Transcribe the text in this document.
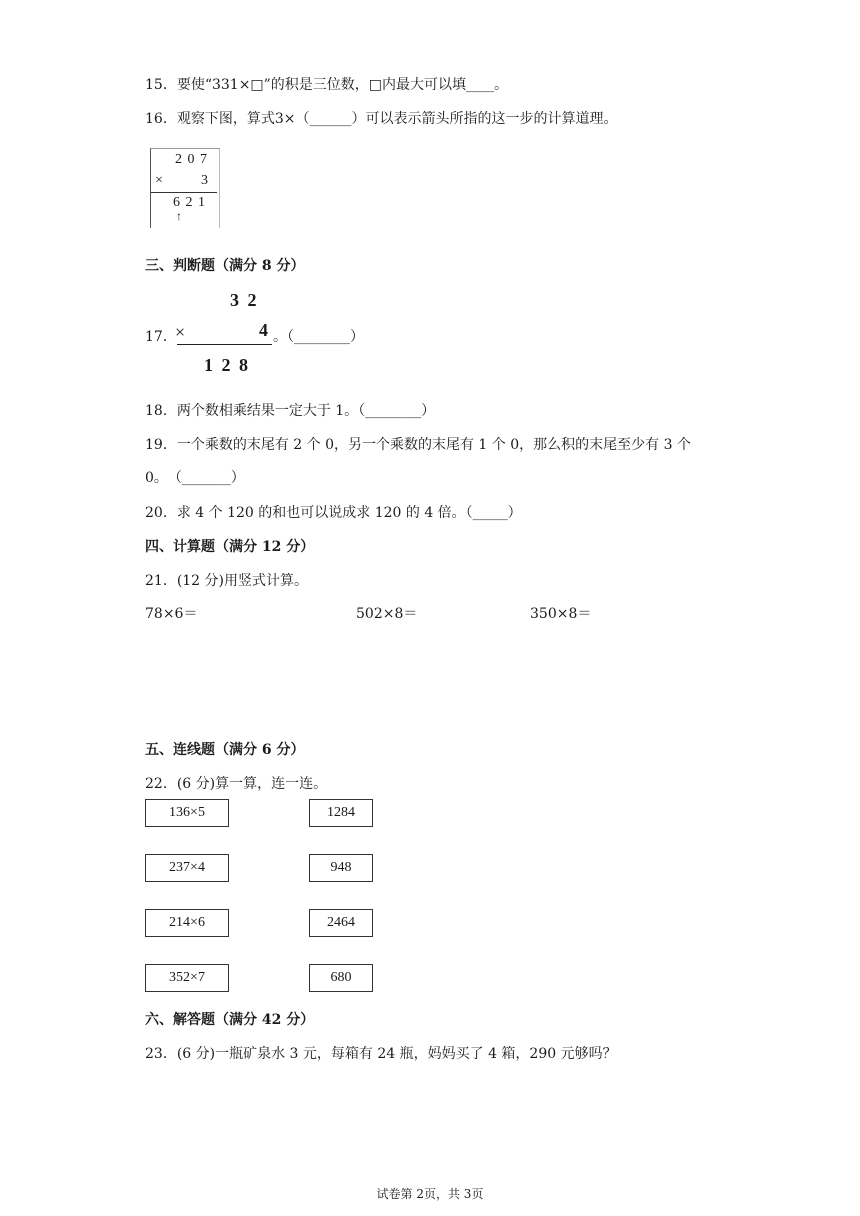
15．要使“331×□”的积是三位数，□内最大可以填____。
16．观察下图，算式3×（______）可以表示箭头所指的这一步的计算道理。
2 0 7
×	3
6 2 1
↑
三、判断题（满分 8 分）
3 2
17．
×	4 。（________）
1 2 8
18．两个数相乘结果一定大于 1。（________）
19．一个乘数的末尾有 2 个 0，另一个乘数的末尾有 1 个 0，那么积的末尾至少有 3 个
0。　（_______）
20．求 4 个 120 的和也可以说成求 120 的 4 倍。（_____）
四、计算题（满分 12 分）
21．(12 分)用竖式计算。
78×6＝	502×8＝	350×8＝
五、连线题（满分 6 分）
22．(6 分)算一算，连一连。
136×5
237×4
214×6
352×7
1284
948
2464
680
六、解答题（满分 42 分）
23．(6 分)一瓶矿泉水 3 元，每箱有 24 瓶，妈妈买了 4 箱，290 元够吗？
试卷第 2页，共 3页
